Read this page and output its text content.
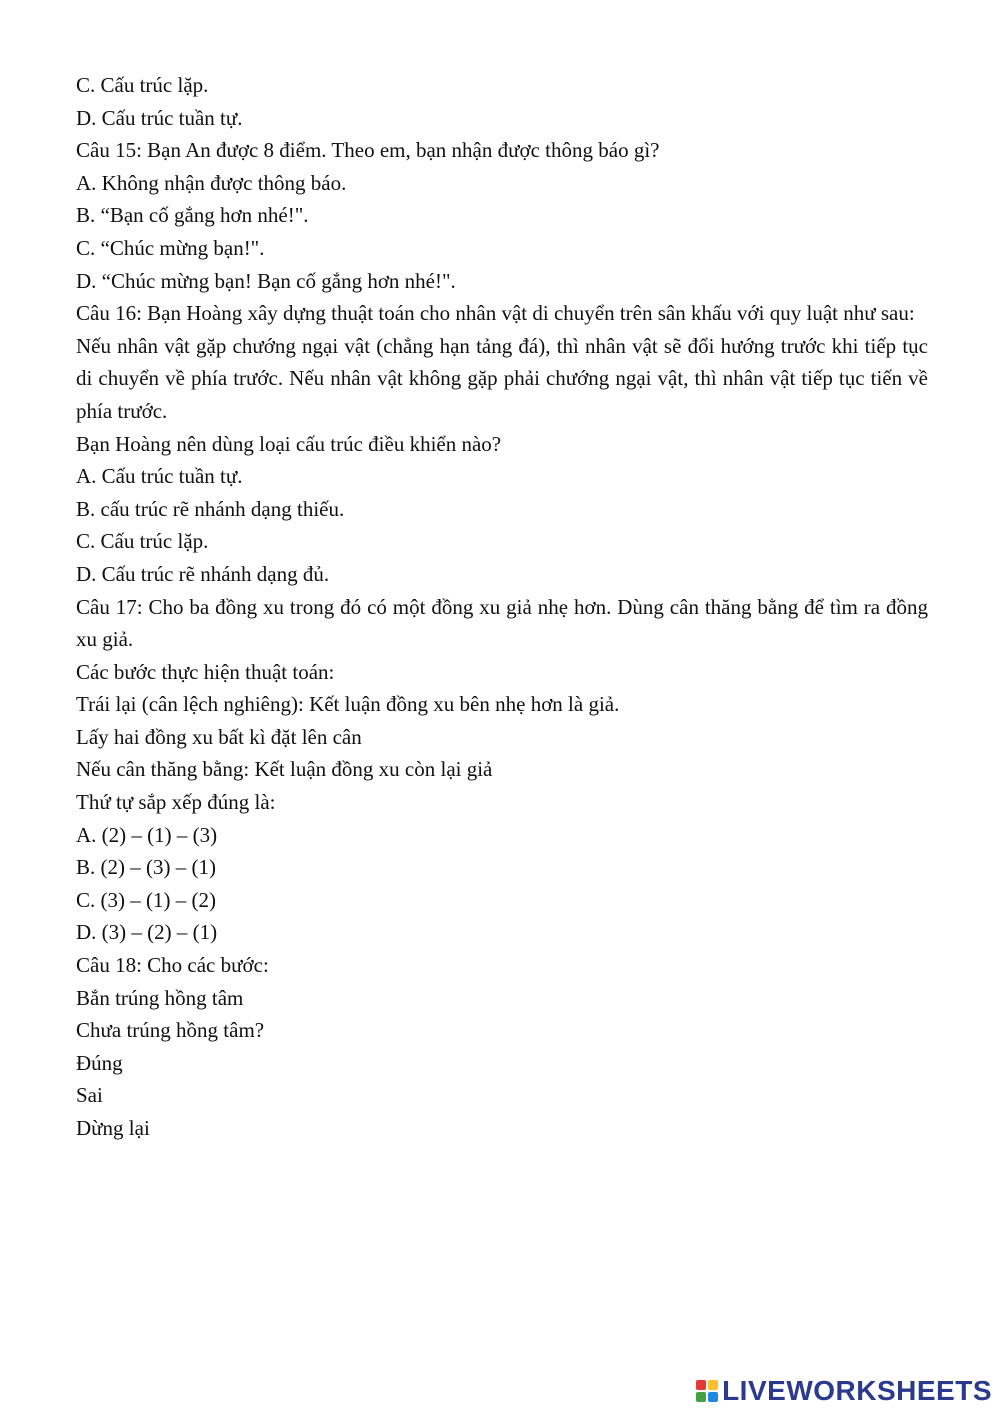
C. Cấu trúc lặp.
D. Cấu trúc tuần tự.
Câu 15: Bạn An được 8 điểm. Theo em, bạn nhận được thông báo gì?
A. Không nhận được thông báo.
B. “Bạn cố gắng hơn nhé!".
C. “Chúc mừng bạn!".
D. “Chúc mừng bạn! Bạn cố gắng hơn nhé!".
Câu 16: Bạn Hoàng xây dựng thuật toán cho nhân vật di chuyển trên sân khấu với quy luật như sau:
Nếu nhân vật gặp chướng ngại vật (chẳng hạn tảng đá), thì nhân vật sẽ đổi hướng trước khi tiếp tục di chuyển về phía trước. Nếu nhân vật không gặp phải chướng ngại vật, thì nhân vật tiếp tục tiến về phía trước.
Bạn Hoàng nên dùng loại cấu trúc điều khiển nào?
A. Cấu trúc tuần tự.
B. cấu trúc rẽ nhánh dạng thiếu.
C. Cấu trúc lặp.
D. Cấu trúc rẽ nhánh dạng đủ.
Câu 17: Cho ba đồng xu trong đó có một đồng xu giả nhẹ hơn. Dùng cân thăng bằng để tìm ra đồng xu giả.
Các bước thực hiện thuật toán:
Trái lại (cân lệch nghiêng): Kết luận đồng xu bên nhẹ hơn là giả.
Lấy hai đồng xu bất kì đặt lên cân
Nếu cân thăng bằng: Kết luận đồng xu còn lại giả
Thứ tự sắp xếp đúng là:
A. (2) – (1) – (3)
B. (2) – (3) – (1)
C. (3) – (1) – (2)
D. (3) – (2) – (1)
Câu 18: Cho các bước:
Bắn trúng hồng tâm
Chưa trúng hồng tâm?
Đúng
Sai
Dừng lại
LIVEWORKSHEETS
